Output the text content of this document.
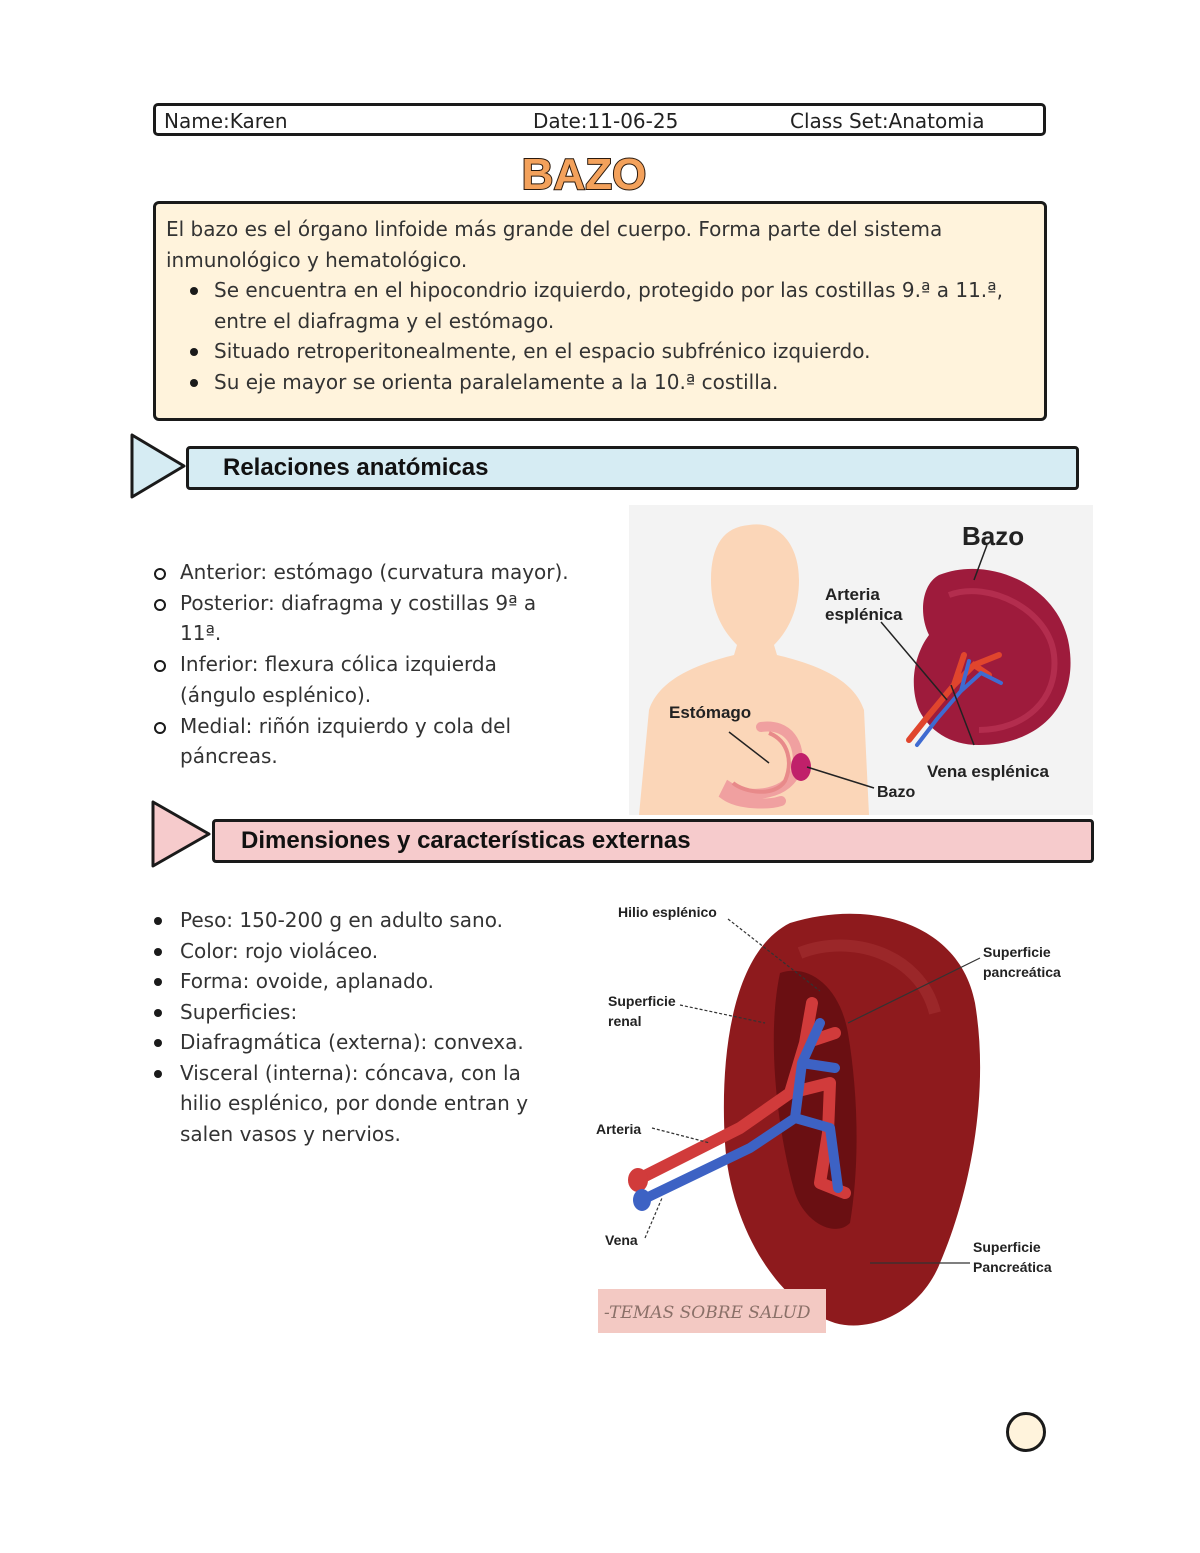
Name:Karen	Date:11-06-25	Class Set:Anatomia
BAZO
El bazo es el órgano linfoide más grande del cuerpo. Forma parte del sistema
inmunológico y hematológico.
Se encuentra en el hipocondrio izquierdo, protegido por las costillas 9.ª a 11.ª, entre el diafragma y el estómago.
Situado retroperitonealmente, en el espacio subfrénico izquierdo.
Su eje mayor se orienta paralelamente a la 10.ª costilla.
Relaciones anatómicas
Anterior: estómago (curvatura mayor).
Posterior: diafragma y costillas 9ª a 11ª.
Inferior: flexura cólica izquierda (ángulo esplénico).
Medial: riñón izquierdo y cola del páncreas.
Bazo
Arteria
esplénica
Estómago
Bazo
Vena esplénica
Dimensiones y características externas
Peso: 150-200 g en adulto sano.
Color: rojo violáceo.
Forma: ovoide, aplanado.
Superficies:
Diafragmática (externa): convexa.
Visceral (interna): cóncava, con la hilio esplénico, por donde entran y salen vasos y nervios.
Hilio esplénico
Superficie
renal
Superficie
pancreática
Arteria
Vena	Superficie
Pancreática
-TEMAS SOBRE SALUD
